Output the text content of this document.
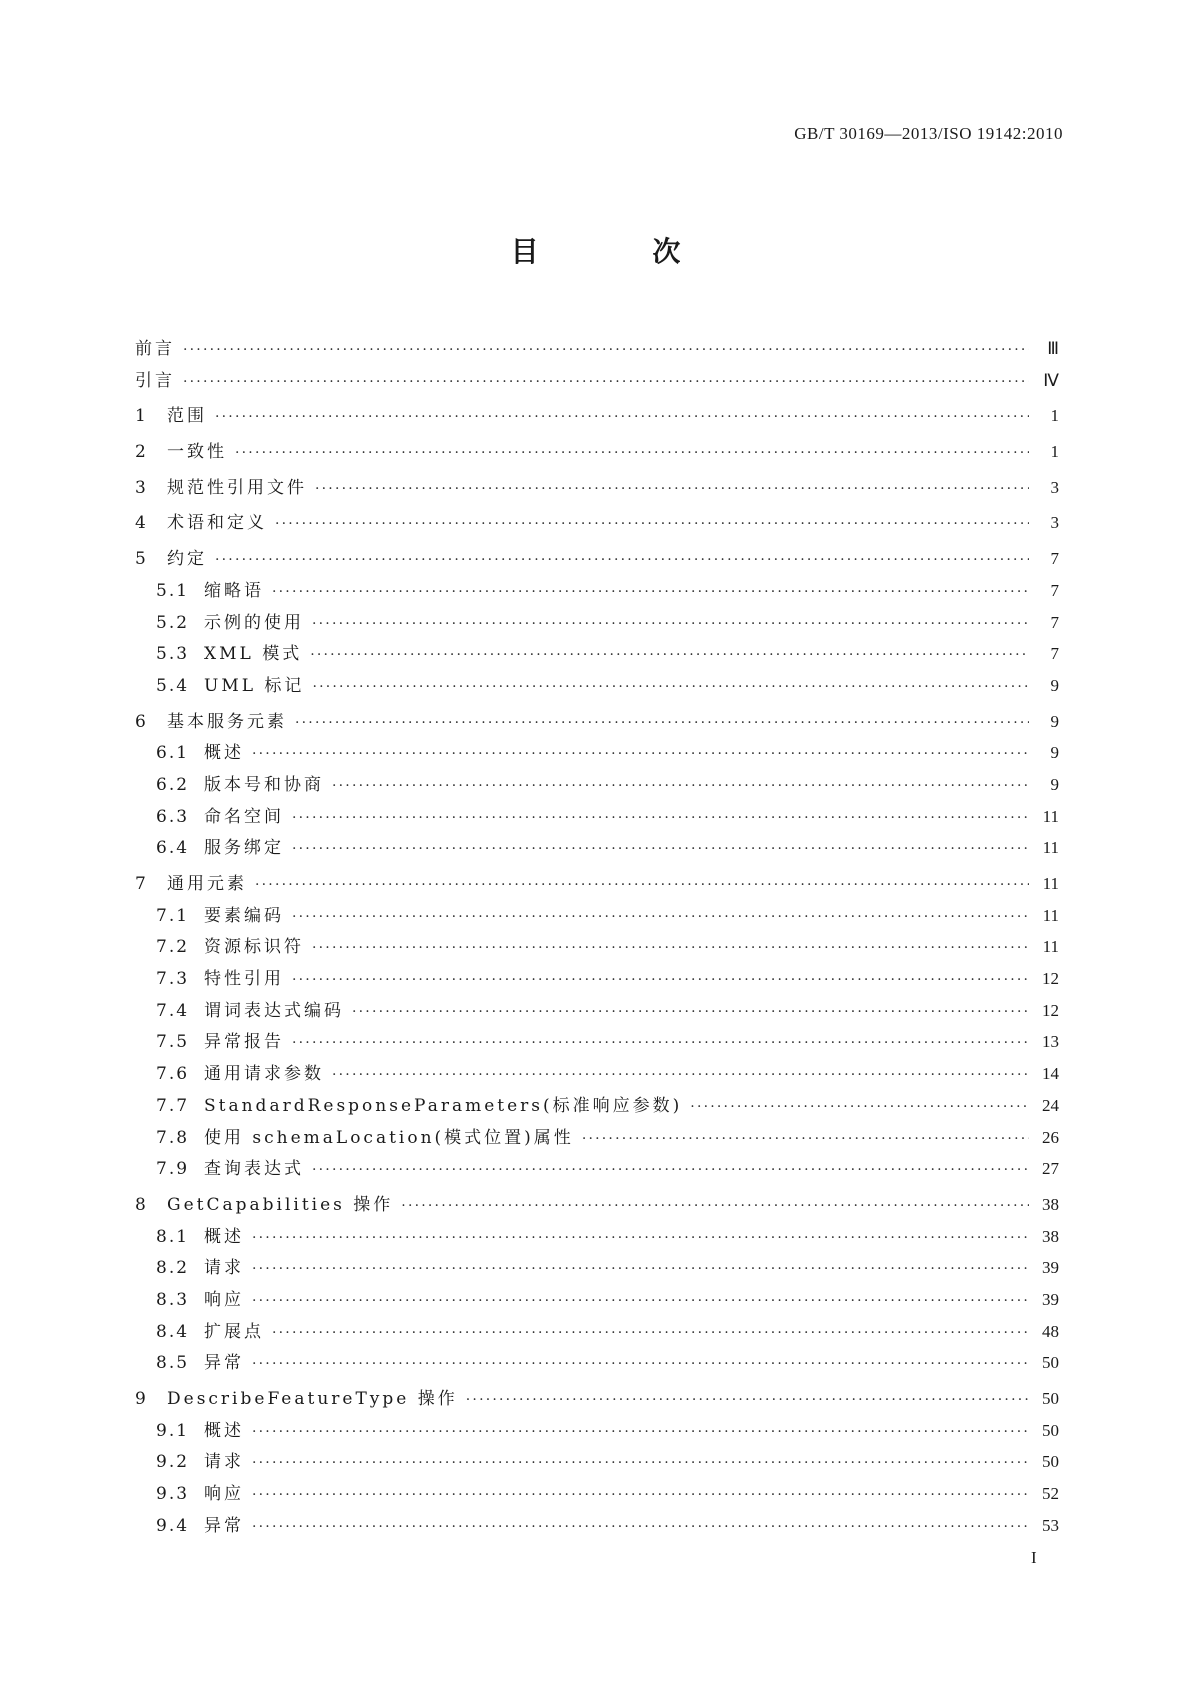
GB/T 30169—2013/ISO 19142:2010
目 次
前言 ·····	Ⅲ
引言 ·····	Ⅳ
1	范围 ·····	1
2	一致性 ·····	1
3	规范性引用文件 ·····	3
4	术语和定义 ·····	3
5	约定 ·····	7
5.1 缩略语 ·····	7
5.2 示例的使用 ·····	7
5.3 XML 模式 ·····	7
5.4 UML 标记 ·····	9
6	基本服务元素 ·····	9
6.1 概述 ·····	9
6.2 版本号和协商 ·····	9
6.3 命名空间 ·····	11
6.4 服务绑定 ·····	11
7	通用元素 ·····	11
7.1 要素编码 ·····	11
7.2 资源标识符 ·····	11
7.3 特性引用 ·····	12
7.4 谓词表达式编码 ·····	12
7.5 异常报告 ·····	13
7.6 通用请求参数 ·····	14
7.7 StandardResponseParameters(标准响应参数) ·····	24
7.8 使用 schemaLocation(模式位置)属性 ·····	26
7.9 查询表达式 ·····	27
8	GetCapabilities 操作 ·····	38
8.1 概述 ·····	38
8.2 请求 ·····	39
8.3 响应 ·····	39
8.4 扩展点 ·····	48
8.5 异常 ·····	50
9	DescribeFeatureType 操作 ·····	50
9.1 概述 ·····	50
9.2 请求 ·····	50
9.3 响应 ·····	52
9.4 异常 ·····	53
I
